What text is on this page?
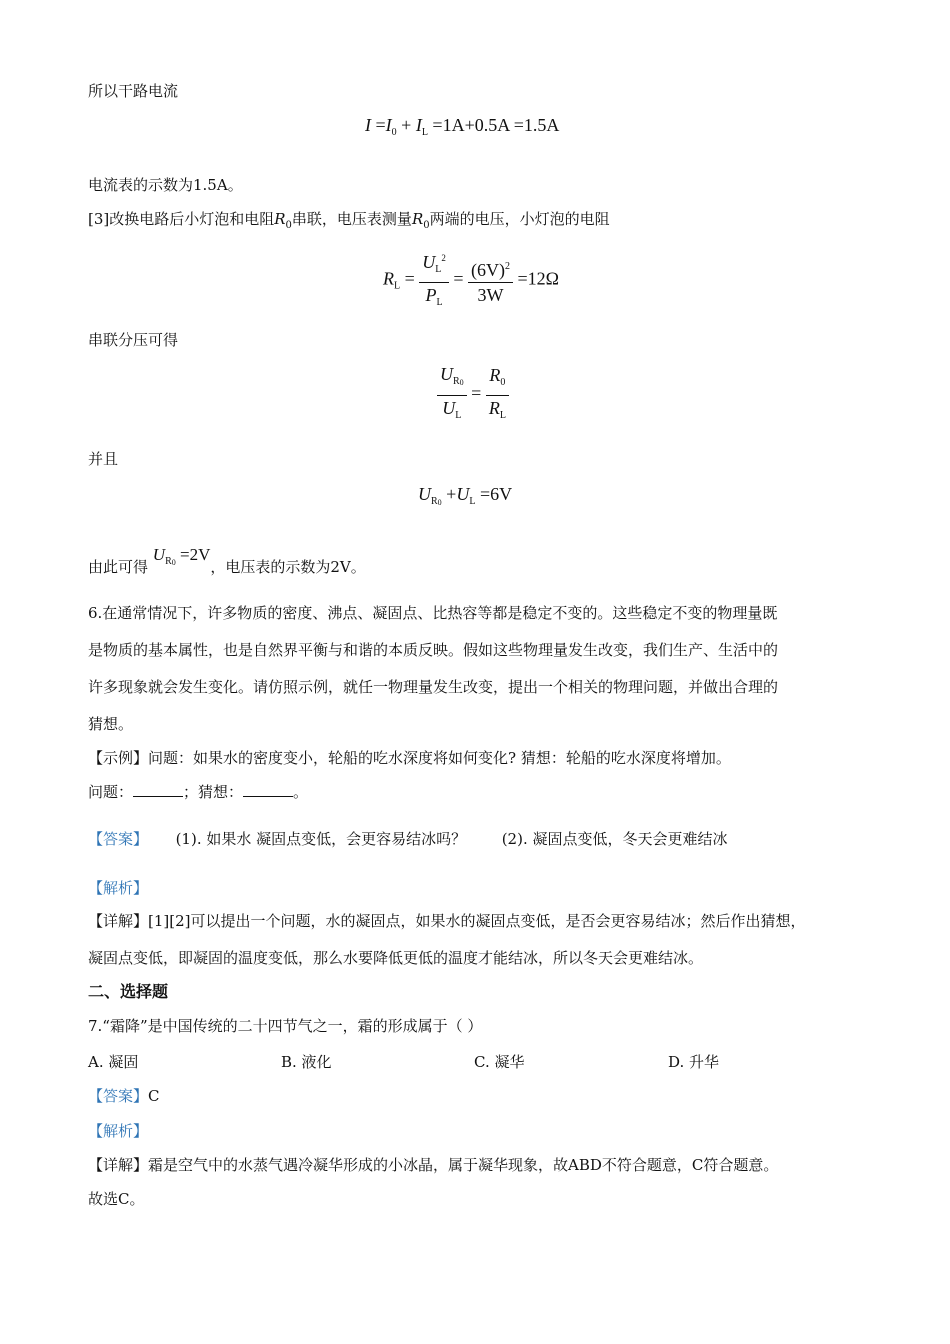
所以干路电流
$I =I_0 + I_L =1A+0.5A =1.5A$
电流表的示数为1.5A。
[3]改换电路后小灯泡和电阻$R_0$串联，电压表测量$R_0$两端的电压，小灯泡的电阻
$R_L = \frac{U_L^2}{P_L} = \frac{(6V)^2}{3W} =12\Omega$
串联分压可得
$\frac{U_{R0}}{U_L} = \frac{R_0}{R_L}$
并且
$U_{R0} +U_L =6V$
由此可得 $U_{R0} =2V$，电压表的示数为2V。
6.在通常情况下，许多物质的密度、沸点、凝固点、比热容等都是稳定不变的。这些稳定不变的物理量既
是物质的基本属性，也是自然界平衡与和谐的本质反映。假如这些物理量发生改变，我们生产、生活中的
许多现象就会发生变化。请仿照示例，就任一物理量发生改变，提出一个相关的物理问题，并做出合理的
猜想。
【示例】问题：如果水的密度变小，轮船的吃水深度将如何变化? 猜想：轮船的吃水深度将增加。
问题：	；猜想：	。
【答案】 (1). 如果水 凝固点变低，会更容易结冰吗？ (2). 凝固点变低，冬天会更难结冰
【解析】
【详解】[1][2]可以提出一个问题，水的凝固点，如果水的凝固点变低，是否会更容易结冰；然后作出猜想，
凝固点变低，即凝固的温度变低，那么水要降低更低的温度才能结冰，所以冬天会更难结冰。
二、选择题
7.“霜降”是中国传统的二十四节气之一，霜的形成属于（ ）
A. 凝固	B. 液化	C. 凝华	D. 升华
【答案】C
【解析】
【详解】霜是空气中的水蒸气遇冷凝华形成的小冰晶，属于凝华现象，故ABD不符合题意，C符合题意。
故选C。
